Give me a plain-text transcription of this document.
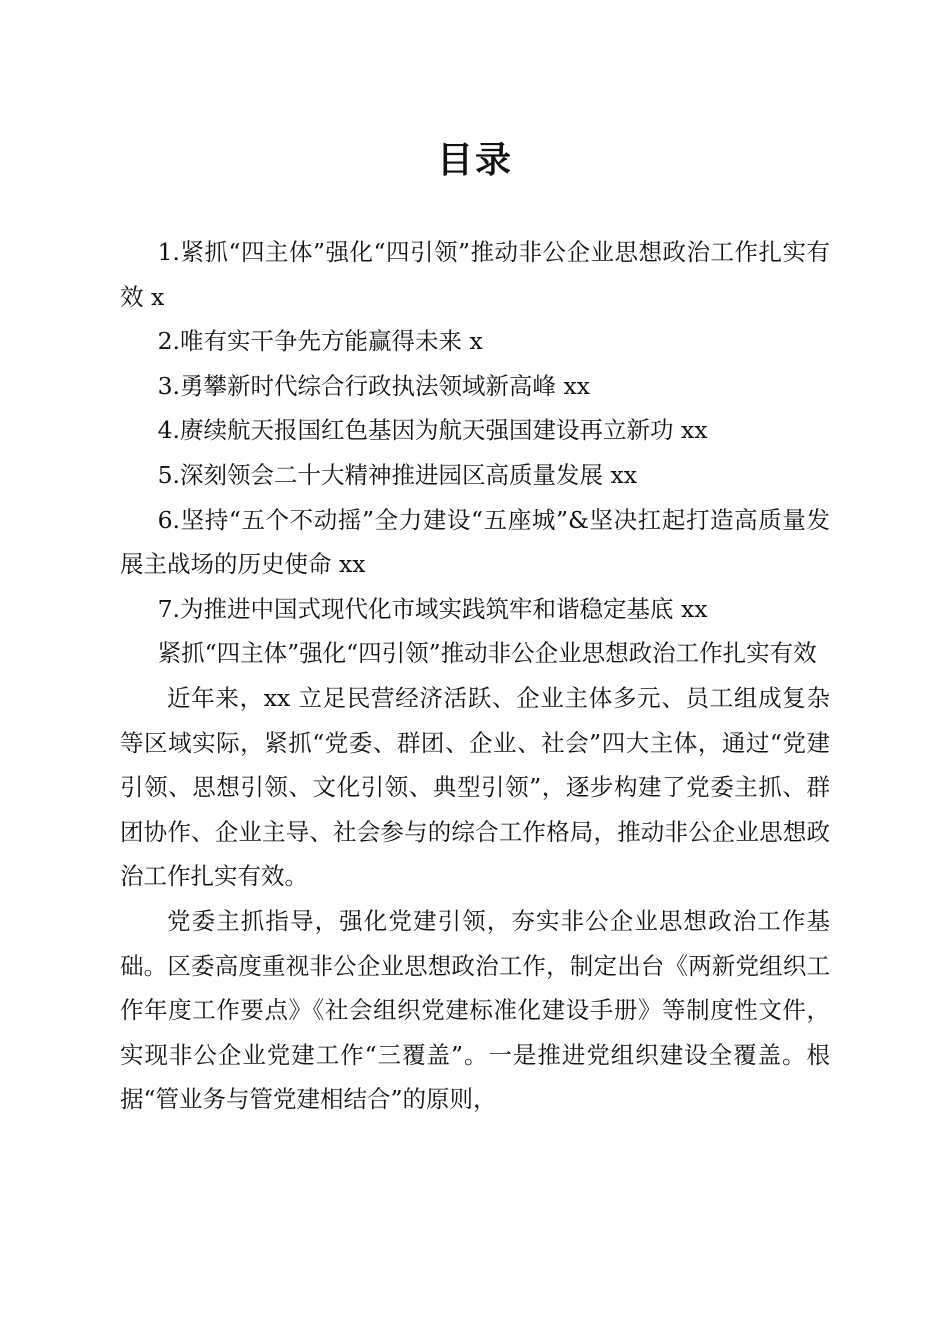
目录

1.紧抓“四主体”强化“四引领”推动非公企业思想政治工作扎实有效 x

2.唯有实干争先方能赢得未来 x

3.勇攀新时代综合行政执法领域新高峰 xx

4.赓续航天报国红色基因为航天强国建设再立新功 xx

5.深刻领会二十大精神推进园区高质量发展 xx

6.坚持“五个不动摇”全力建设“五座城”&坚决扛起打造高质量发展主战场的历史使命 xx

7.为推进中国式现代化市域实践筑牢和谐稳定基底 xx

紧抓“四主体”强化“四引领”推动非公企业思想政治工作扎实有效

近年来，xx 立足民营经济活跃、企业主体多元、员工组成复杂等区域实际，紧抓“党委、群团、企业、社会”四大主体，通过“党建引领、思想引领、文化引领、典型引领”，逐步构建了党委主抓、群团协作、企业主导、社会参与的综合工作格局，推动非公企业思想政治工作扎实有效。

党委主抓指导，强化党建引领，夯实非公企业思想政治工作基础。区委高度重视非公企业思想政治工作，制定出台《两新党组织工作年度工作要点》《社会组织党建标准化建设手册》等制度性文件，实现非公企业党建工作“三覆盖”。一是推进党组织建设全覆盖。根据“管业务与管党建相结合”的原则，
